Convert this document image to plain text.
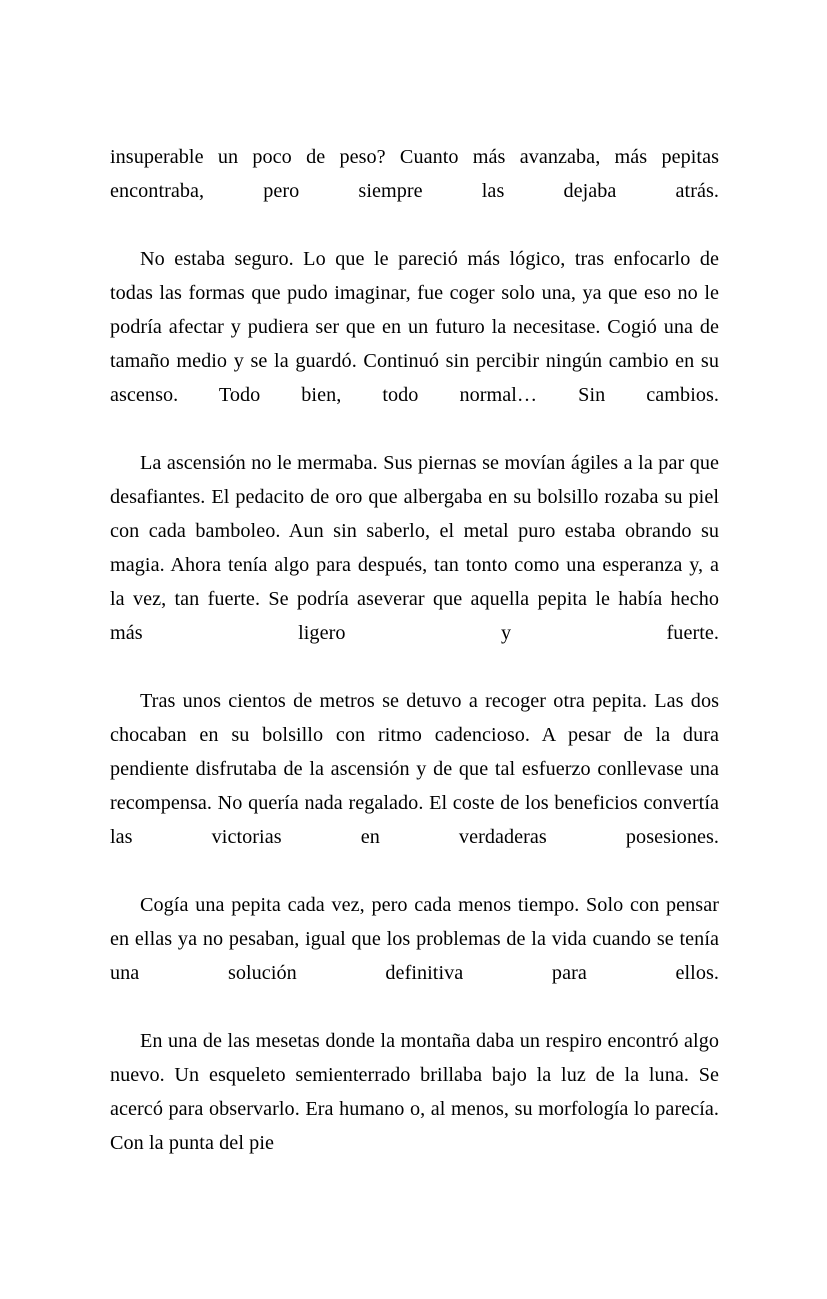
insuperable un poco de peso? Cuanto más avanzaba, más pepitas encontraba, pero siempre las dejaba atrás.

No estaba seguro. Lo que le pareció más lógico, tras enfocarlo de todas las formas que pudo imaginar, fue coger solo una, ya que eso no le podría afectar y pudiera ser que en un futuro la necesitase. Cogió una de tamaño medio y se la guardó. Continuó sin percibir ningún cambio en su ascenso. Todo bien, todo normal… Sin cambios.

La ascensión no le mermaba. Sus piernas se movían ágiles a la par que desafiantes. El pedacito de oro que albergaba en su bolsillo rozaba su piel con cada bamboleo. Aun sin saberlo, el metal puro estaba obrando su magia. Ahora tenía algo para después, tan tonto como una esperanza y, a la vez, tan fuerte. Se podría aseverar que aquella pepita le había hecho más ligero y fuerte.

Tras unos cientos de metros se detuvo a recoger otra pepita. Las dos chocaban en su bolsillo con ritmo cadencioso. A pesar de la dura pendiente disfrutaba de la ascensión y de que tal esfuerzo conllevase una recompensa. No quería nada regalado. El coste de los beneficios convertía las victorias en verdaderas posesiones.

Cogía una pepita cada vez, pero cada menos tiempo. Solo con pensar en ellas ya no pesaban, igual que los problemas de la vida cuando se tenía una solución definitiva para ellos.

En una de las mesetas donde la montaña daba un respiro encontró algo nuevo. Un esqueleto semienterrado brillaba bajo la luz de la luna. Se acercó para observarlo. Era humano o, al menos, su morfología lo parecía. Con la punta del pie
